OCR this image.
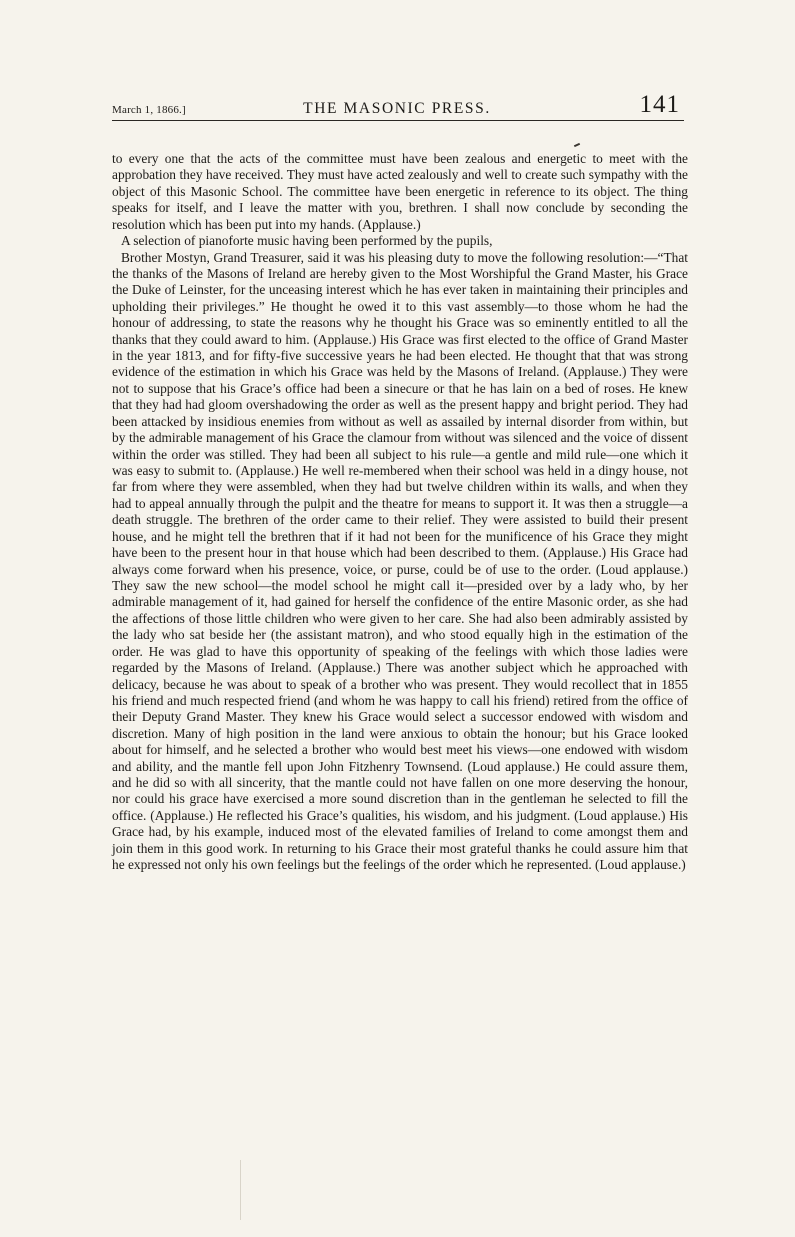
March 1, 1866.]	THE MASONIC PRESS.	141

to every one that the acts of the committee must have been zealous and energetic to meet with the approbation they have received. They must have acted zealously and well to create such sympathy with the object of this Masonic School. The committee have been energetic in reference to its object. The thing speaks for itself, and I leave the matter with you, brethren. I shall now conclude by seconding the resolution which has been put into my hands. (Applause.)

A selection of pianoforte music having been performed by the pupils,

Brother Mostyn, Grand Treasurer, said it was his pleasing duty to move the following resolution:—“That the thanks of the Masons of Ireland are hereby given to the Most Worshipful the Grand Master, his Grace the Duke of Leinster, for the unceasing interest which he has ever taken in maintaining their principles and upholding their privileges.” He thought he owed it to this vast assembly—to those whom he had the honour of addressing, to state the reasons why he thought his Grace was so eminently entitled to all the thanks that they could award to him. (Applause.) His Grace was first elected to the office of Grand Master in the year 1813, and for fifty-five successive years he had been elected. He thought that that was strong evidence of the estimation in which his Grace was held by the Masons of Ireland. (Applause.) They were not to suppose that his Grace’s office had been a sinecure or that he has lain on a bed of roses. He knew that they had had gloom overshadowing the order as well as the present happy and bright period. They had been attacked by insidious enemies from without as well as assailed by internal disorder from within, but by the admirable management of his Grace the clamour from without was silenced and the voice of dissent within the order was stilled. They had been all subject to his rule—a gentle and mild rule—one which it was easy to submit to. (Applause.) He well re-membered when their school was held in a dingy house, not far from where they were assembled, when they had but twelve children within its walls, and when they had to appeal annually through the pulpit and the theatre for means to support it. It was then a struggle—a death struggle. The brethren of the order came to their relief. They were assisted to build their present house, and he might tell the brethren that if it had not been for the munificence of his Grace they might have been to the present hour in that house which had been described to them. (Applause.) His Grace had always come forward when his presence, voice, or purse, could be of use to the order. (Loud applause.) They saw the new school—the model school he might call it—presided over by a lady who, by her admirable management of it, had gained for herself the confidence of the entire Masonic order, as she had the affections of those little children who were given to her care. She had also been admirably assisted by the lady who sat beside her (the assistant matron), and who stood equally high in the estimation of the order. He was glad to have this opportunity of speaking of the feelings with which those ladies were regarded by the Masons of Ireland. (Applause.) There was another subject which he approached with delicacy, because he was about to speak of a brother who was present. They would recollect that in 1855 his friend and much respected friend (and whom he was happy to call his friend) retired from the office of their Deputy Grand Master. They knew his Grace would select a successor endowed with wisdom and discretion. Many of high position in the land were anxious to obtain the honour; but his Grace looked about for himself, and he selected a brother who would best meet his views—one endowed with wisdom and ability, and the mantle fell upon John Fitzhenry Townsend. (Loud applause.) He could assure them, and he did so with all sincerity, that the mantle could not have fallen on one more deserving the honour, nor could his grace have exercised a more sound discretion than in the gentleman he selected to fill the office. (Applause.) He reflected his Grace’s qualities, his wisdom, and his judgment. (Loud applause.) His Grace had, by his example, induced most of the elevated families of Ireland to come amongst them and join them in this good work. In returning to his Grace their most grateful thanks he could assure him that he expressed not only his own feelings but the feelings of the order which he represented. (Loud applause.)
